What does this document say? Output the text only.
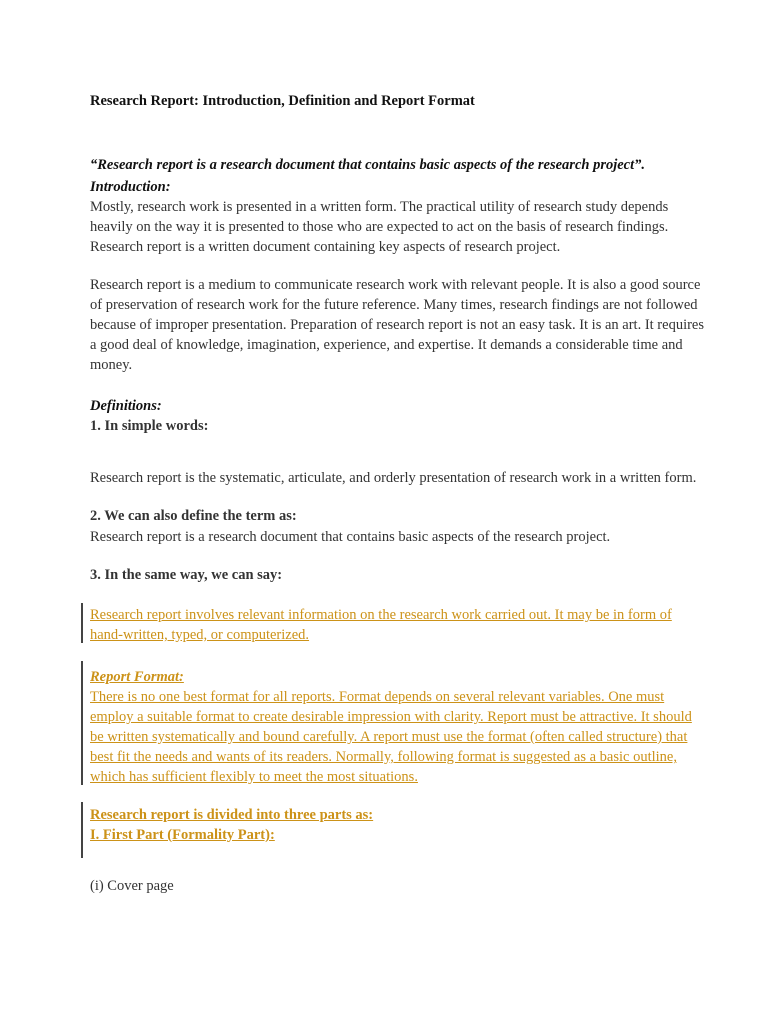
Research Report: Introduction, Definition and Report Format
“Research report is a research document that contains basic aspects of the research project”.
Introduction:
Mostly, research work is presented in a written form. The practical utility of research study depends
heavily on the way it is presented to those who are expected to act on the basis of research findings.
Research report is a written document containing key aspects of research project.
Research report is a medium to communicate research work with relevant people. It is also a good source
of preservation of research work for the future reference. Many times, research findings are not followed
because of improper presentation. Preparation of research report is not an easy task. It is an art. It requires
a good deal of knowledge, imagination, experience, and expertise. It demands a considerable time and
money.
Definitions:
1. In simple words:
Research report is the systematic, articulate, and orderly presentation of research work in a written form.
2. We can also define the term as:
Research report is a research document that contains basic aspects of the research project.
3. In the same way, we can say:
Research report involves relevant information on the research work carried out. It may be in form of
hand-written, typed, or computerized.
Report Format:
There is no one best format for all reports. Format depends on several relevant variables. One must
employ a suitable format to create desirable impression with clarity. Report must be attractive. It should
be written systematically and bound carefully. A report must use the format (often called structure) that
best fit the needs and wants of its readers. Normally, following format is suggested as a basic outline,
which has sufficient flexibly to meet the most situations.
Research report is divided into three parts as:
I. First Part (Formality Part):
(i) Cover page
